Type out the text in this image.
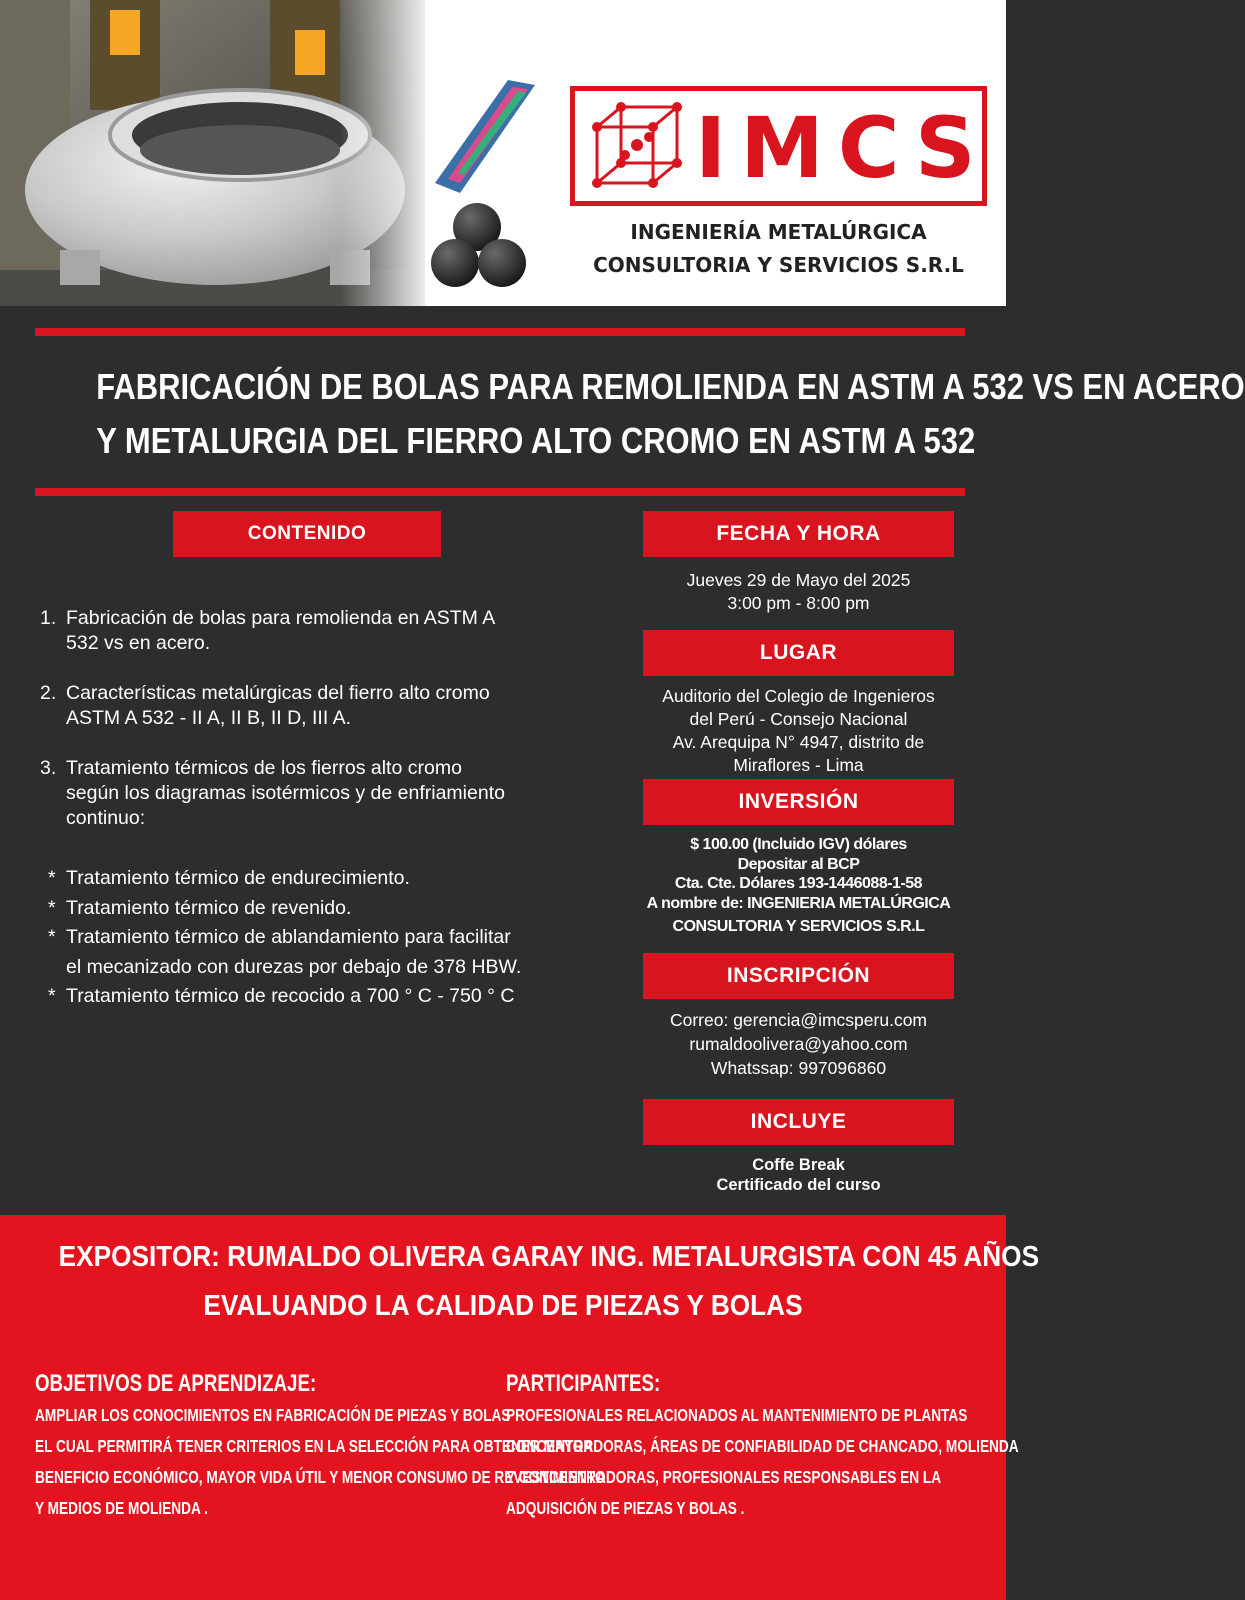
IMCS
INGENIERÍA METALÚRGICA
CONSULTORIA Y SERVICIOS S.R.L
FABRICACIÓN DE BOLAS PARA REMOLIENDA EN ASTM A 532 VS EN ACERO
Y METALURGIA DEL FIERRO ALTO CROMO EN ASTM A 532
CONTENIDO
1. Fabricación de bolas para remolienda en ASTM A
532 vs en acero.
2. Características metalúrgicas del fierro alto cromo
ASTM A 532 - II A, II B, II D, III A.
3. Tratamiento térmicos de los fierros alto cromo
según los diagramas isotérmicos y de enfriamiento
continuo:
* Tratamiento térmico de endurecimiento.
* Tratamiento térmico de revenido.
* Tratamiento térmico de ablandamiento para facilitar
el mecanizado con durezas por debajo de 378 HBW.
* Tratamiento térmico de recocido a 700 ° C - 750 ° C
FECHA Y HORA
Jueves 29 de Mayo del 2025
3:00 pm - 8:00 pm
LUGAR
Auditorio del Colegio de Ingenieros
del Perú - Consejo Nacional
Av. Arequipa N° 4947, distrito de
Miraflores - Lima
INVERSIÓN
$ 100.00 (Incluido IGV) dólares
Depositar al BCP
Cta. Cte. Dólares 193-1446088-1-58
A nombre de: INGENIERIA METALÚRGICA
CONSULTORIA Y SERVICIOS S.R.L
INSCRIPCIÓN
Correo: gerencia@imcsperu.com
rumaldoolivera@yahoo.com
Whatssap: 997096860
INCLUYE
Coffe Break
Certificado del curso
EXPOSITOR: RUMALDO OLIVERA GARAY ING. METALURGISTA CON 45 AÑOS
EVALUANDO LA CALIDAD DE PIEZAS Y BOLAS
OBJETIVOS DE APRENDIZAJE:

AMPLIAR LOS CONOCIMIENTOS EN FABRICACIÓN DE PIEZAS Y BOLAS

EL CUAL PERMITIRÁ TENER CRITERIOS EN LA SELECCIÓN PARA OBTENER MAYOR

BENEFICIO ECONÓMICO, MAYOR VIDA ÚTIL Y MENOR CONSUMO DE REVESTIMIENTO

Y MEDIOS DE MOLIENDA .

PARTICIPANTES:

PROFESIONALES RELACIONADOS AL MANTENIMIENTO DE PLANTAS

CONCENTRADORAS, ÁREAS DE CONFIABILIDAD DE CHANCADO, MOLIENDA

Y CONCENTRADORAS, PROFESIONALES RESPONSABLES EN LA

ADQUISICIÓN DE PIEZAS Y BOLAS .
